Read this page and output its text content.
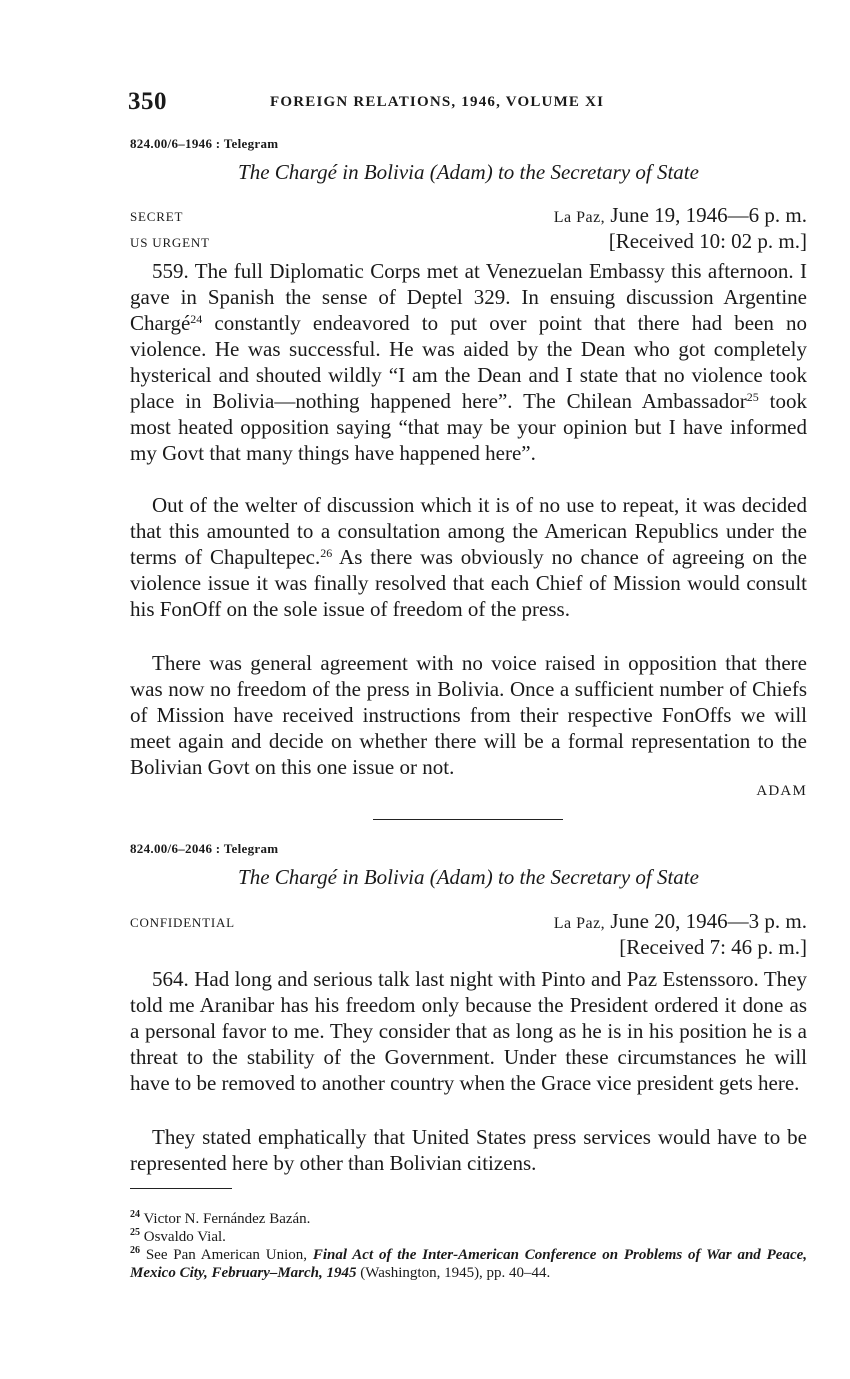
350	FOREIGN RELATIONS, 1946, VOLUME XI
824.00/6–1946 : Telegram
The Chargé in Bolivia (Adam) to the Secretary of State
SECRET	La Paz, June 19, 1946—6 p. m.
US URGENT	[Received 10: 02 p. m.]

559. The full Diplomatic Corps met at Venezuelan Embassy this afternoon. I gave in Spanish the sense of Deptel 329. In ensuing discussion Argentine Chargé$^{24}$ constantly endeavored to put over point that there had been no violence. He was successful. He was aided by the Dean who got completely hysterical and shouted wildly “I am the Dean and I state that no violence took place in Bolivia—nothing happened here”. The Chilean Ambassador$^{25}$ took most heated opposition saying “that may be your opinion but I have informed my Govt that many things have happened here”.

Out of the welter of discussion which it is of no use to repeat, it was decided that this amounted to a consultation among the American Republics under the terms of Chapultepec.$^{26}$ As there was obviously no chance of agreeing on the violence issue it was finally resolved that each Chief of Mission would consult his FonOff on the sole issue of freedom of the press.

There was general agreement with no voice raised in opposition that there was now no freedom of the press in Bolivia. Once a sufficient number of Chiefs of Mission have received instructions from their respective FonOffs we will meet again and decide on whether there will be a formal representation to the Bolivian Govt on this one issue or not.

ADAM
824.00/6–2046 : Telegram
The Chargé in Bolivia (Adam) to the Secretary of State
CONFIDENTIAL	La Paz, June 20, 1946—3 p. m.
[Received 7: 46 p. m.]

564. Had long and serious talk last night with Pinto and Paz Estenssoro. They told me Aranibar has his freedom only because the President ordered it done as a personal favor to me. They consider that as long as he is in his position he is a threat to the stability of the Government. Under these circumstances he will have to be removed to another country when the Grace vice president gets here.

They stated emphatically that United States press services would have to be represented here by other than Bolivian citizens.

$^{24}$ Victor N. Fernández Bazán.
$^{25}$ Osvaldo Vial.
$^{26}$ See Pan American Union, Final Act of the Inter-American Conference on Problems of War and Peace, Mexico City, February–March, 1945 (Washington, 1945), pp. 40–44.
